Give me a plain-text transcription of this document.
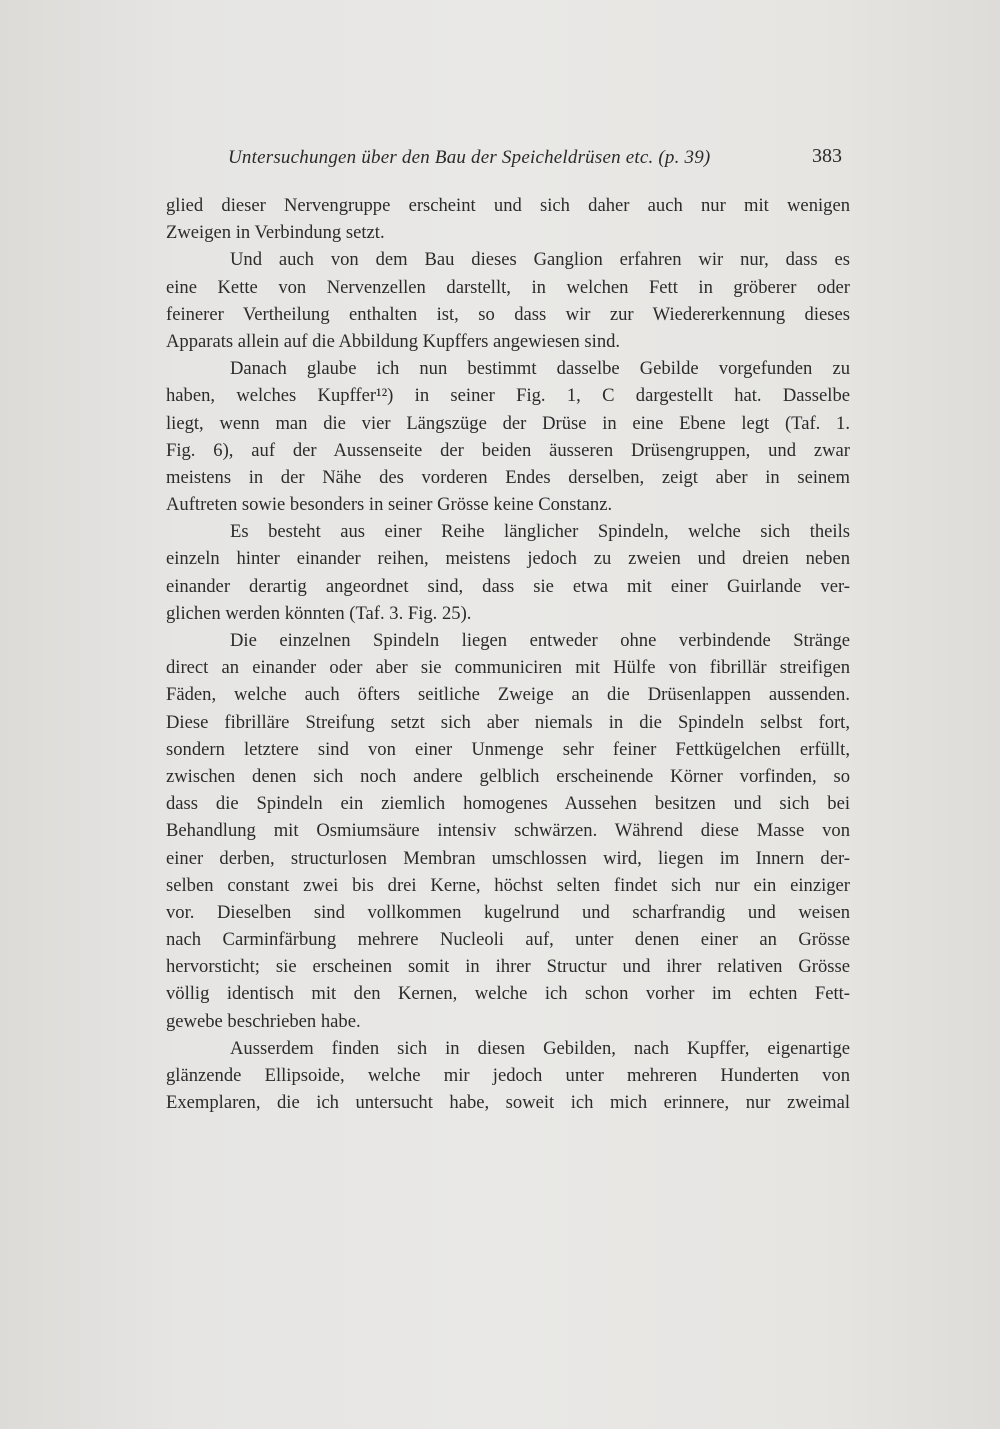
Untersuchungen über den Bau der Speicheldrüsen etc. (p. 39)	383
glied dieser Nervengruppe erscheint und sich daher auch nur mit wenigen
Zweigen in Verbindung setzt.
Und auch von dem Bau dieses Ganglion erfahren wir nur, dass es
eine Kette von Nervenzellen darstellt, in welchen Fett in gröberer oder
feinerer Vertheilung enthalten ist, so dass wir zur Wiedererkennung dieses
Apparats allein auf die Abbildung Kupffers angewiesen sind.
Danach glaube ich nun bestimmt dasselbe Gebilde vorgefunden zu
haben, welches Kupffer¹²) in seiner Fig. 1, C dargestellt hat. Dasselbe
liegt, wenn man die vier Längszüge der Drüse in eine Ebene legt (Taf. 1.
Fig. 6), auf der Aussenseite der beiden äusseren Drüsengruppen, und zwar
meistens in der Nähe des vorderen Endes derselben, zeigt aber in seinem
Auftreten sowie besonders in seiner Grösse keine Constanz.
Es besteht aus einer Reihe länglicher Spindeln, welche sich theils
einzeln hinter einander reihen, meistens jedoch zu zweien und dreien neben
einander derartig angeordnet sind, dass sie etwa mit einer Guirlande ver-
glichen werden könnten (Taf. 3. Fig. 25).
Die einzelnen Spindeln liegen entweder ohne verbindende Stränge
direct an einander oder aber sie communiciren mit Hülfe von fibrillär streifigen
Fäden, welche auch öfters seitliche Zweige an die Drüsenlappen aussenden.
Diese fibrilläre Streifung setzt sich aber niemals in die Spindeln selbst fort,
sondern letztere sind von einer Unmenge sehr feiner Fettkügelchen erfüllt,
zwischen denen sich noch andere gelblich erscheinende Körner vorfinden, so
dass die Spindeln ein ziemlich homogenes Aussehen besitzen und sich bei
Behandlung mit Osmiumsäure intensiv schwärzen. Während diese Masse von
einer derben, structurlosen Membran umschlossen wird, liegen im Innern der-
selben constant zwei bis drei Kerne, höchst selten findet sich nur ein einziger
vor. Dieselben sind vollkommen kugelrund und scharfrandig und weisen
nach Carminfärbung mehrere Nucleoli auf, unter denen einer an Grösse
hervorsticht; sie erscheinen somit in ihrer Structur und ihrer relativen Grösse
völlig identisch mit den Kernen, welche ich schon vorher im echten Fett-
gewebe beschrieben habe.
Ausserdem finden sich in diesen Gebilden, nach Kupffer, eigenartige
glänzende Ellipsoide, welche mir jedoch unter mehreren Hunderten von
Exemplaren, die ich untersucht habe, soweit ich mich erinnere, nur zweimal
